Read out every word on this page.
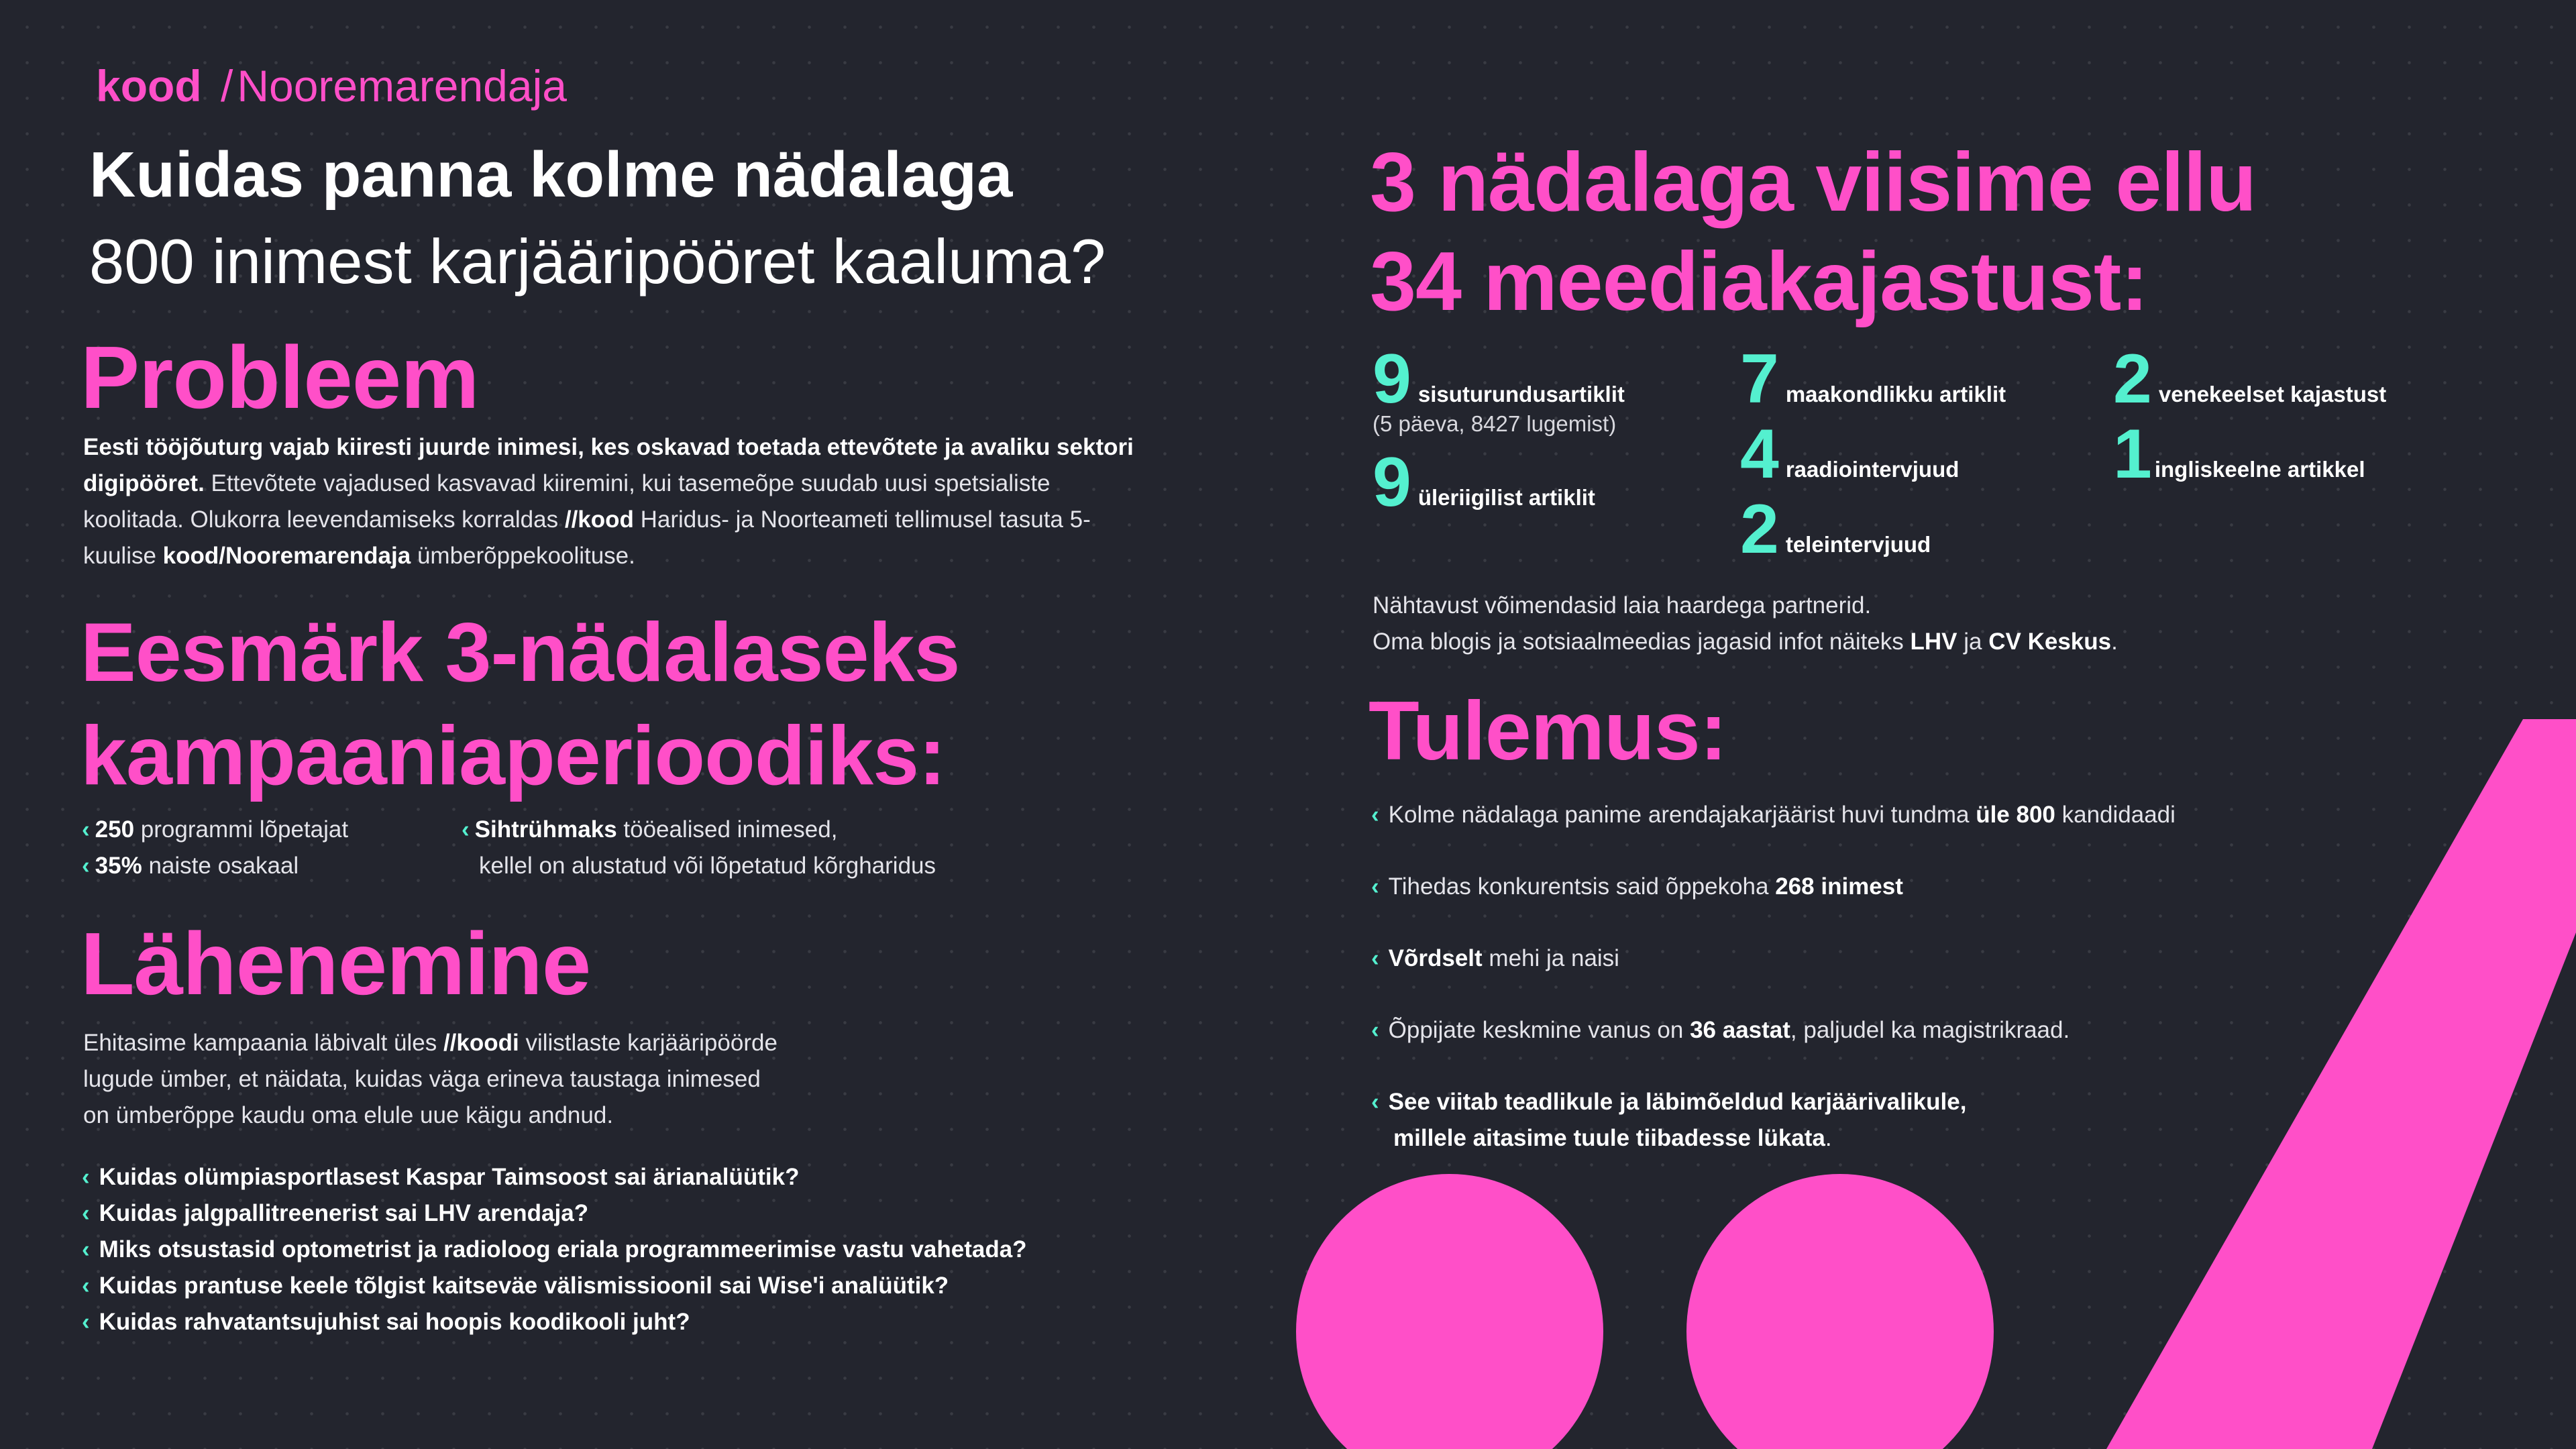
kood /Nooremarendaja
Kuidas panna kolme nädalaga
800 inimest karjääripööret kaaluma?
Probleem
Eesti tööjõuturg vajab kiiresti juurde inimesi, kes oskavad toetada ettevõtete ja avaliku sektori digipööret. Ettevõtete vajadused kasvavad kiiremini, kui tasemeõpe suudab uusi spetsialiste koolitada. Olukorra leevendamiseks korraldas //kood Haridus- ja Noorteameti tellimusel tasuta 5-kuulise kood/Nooremarendaja ümberõppekoolituse.
Eesmärk 3-nädalaseks
kampaaniaperioodiks:
‹ 250 programmi lõpetajat
‹ 35% naiste osakaal
‹ Sihtrühmaks tööealised inimesed,
kellel on alustatud või lõpetatud kõrgharidus
Lähenemine
Ehitasime kampaania läbivalt üles //koodi vilistlaste karjääripöörde
lugude ümber, et näidata, kuidas väga erineva taustaga inimesed
on ümberõppe kaudu oma elule uue käigu andnud.
‹ Kuidas olümpiasportlasest Kaspar Taimsoost sai ärianalüütik?
‹ Kuidas jalgpallitreenerist sai LHV arendaja?
‹ Miks otsustasid optometrist ja radioloog eriala programmeerimise vastu vahetada?
‹ Kuidas prantuse keele tõlgist kaitseväe välismissioonil sai Wise'i analüütik?
‹ Kuidas rahvatantsujuhist sai hoopis koodikooli juht?
3 nädalaga viisime ellu
34 meediakajastust:
9 sisuturundusartiklit
(5 päeva, 8427 lugemist)
9 üleriigilist artiklit
7 maakondlikku artiklit
4 raadiointervjuud
2 teleintervjuud
2 venekeelset kajastust
1 ingliskeelne artikkel
Nähtavust võimendasid laia haardega partnerid.
Oma blogis ja sotsiaalmeedias jagasid infot näiteks LHV ja CV Keskus.
Tulemus:
‹ Kolme nädalaga panime arendajakarjäärist huvi tundma üle 800 kandidaadi
‹ Tihedas konkurentsis said õppekoha 268 inimest
‹ Võrdselt mehi ja naisi
‹ Õppijate keskmine vanus on 36 aastat, paljudel ka magistrikraad.
‹ See viitab teadlikule ja läbimõeldud karjäärivalikule,
millele aitasime tuule tiibadesse lükata.
